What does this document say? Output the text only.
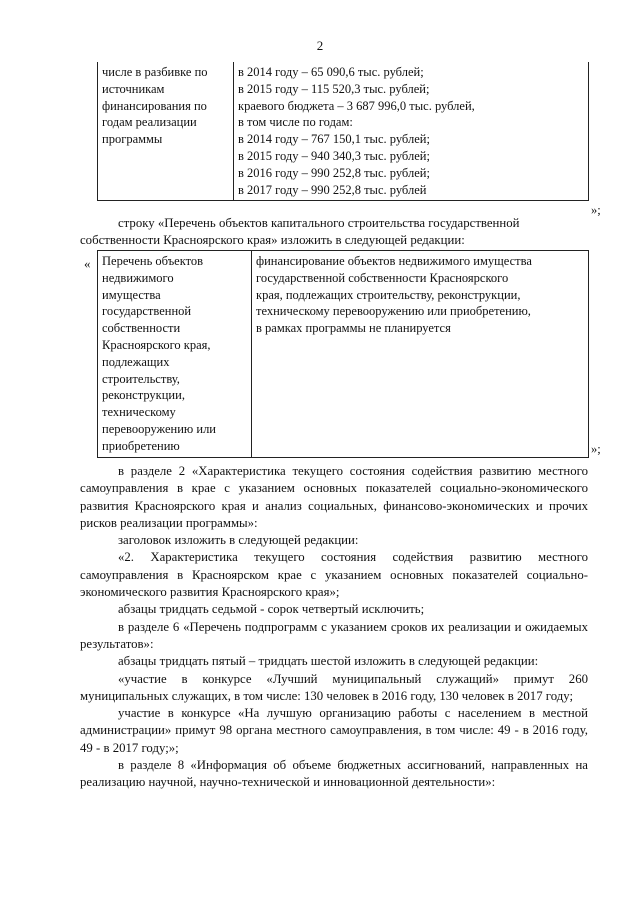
2
числе в разбивке по
источникам
финансирования по
годам реализации
программы

в 2014 году – 65 090,6 тыс. рублей;
в 2015 году – 115 520,3 тыс. рублей;
краевого бюджета – 3 687 996,0 тыс. рублей,
в том числе по годам:
в 2014 году – 767 150,1 тыс. рублей;
в 2015 году – 940 340,3 тыс. рублей;
в 2016 году – 990 252,8 тыс. рублей;
в 2017 году – 990 252,8 тыс. рублей
»;

строку «Перечень объектов капитального строительства государственной

собственности Красноярского края» изложить в следующей редакции:

« Перечень объектов
недвижимого
имущества
государственной
собственности
Красноярского края,
подлежащих
строительству,
реконструкции,
техническому
перевооружению или
приобретению

финансирование объектов недвижимого имущества
государственной собственности Красноярского
края, подлежащих строительству, реконструкции,
техническому перевооружению или приобретению,
в рамках программы не планируется
»;

в разделе 2 «Характеристика текущего состояния содействия развитию местного самоуправления в крае с указанием основных показателей социально-экономического развития Красноярского края и анализ социальных, финансово-экономических и прочих рисков реализации программы»:

заголовок изложить в следующей редакции:

«2. Характеристика текущего состояния содействия развитию местного самоуправления в Красноярском крае с указанием основных показателей социально-экономического развития Красноярского края»;

абзацы тридцать седьмой - сорок четвертый исключить;

в разделе 6 «Перечень подпрограмм с указанием сроков их реализации и ожидаемых результатов»:

абзацы тридцать пятый – тридцать шестой изложить в следующей редакции:

«участие в конкурсе «Лучший муниципальный служащий» примут 260 муниципальных служащих, в том числе: 130 человек в 2016 году, 130 человек в 2017 году;

участие в конкурсе «На лучшую организацию работы с населением в местной администрации» примут 98 органа местного самоуправления, в том числе: 49 - в 2016 году, 49 - в 2017 году;»;

в разделе 8 «Информация об объеме бюджетных ассигнований, направленных на реализацию научной, научно-технической и инновационной деятельности»:
